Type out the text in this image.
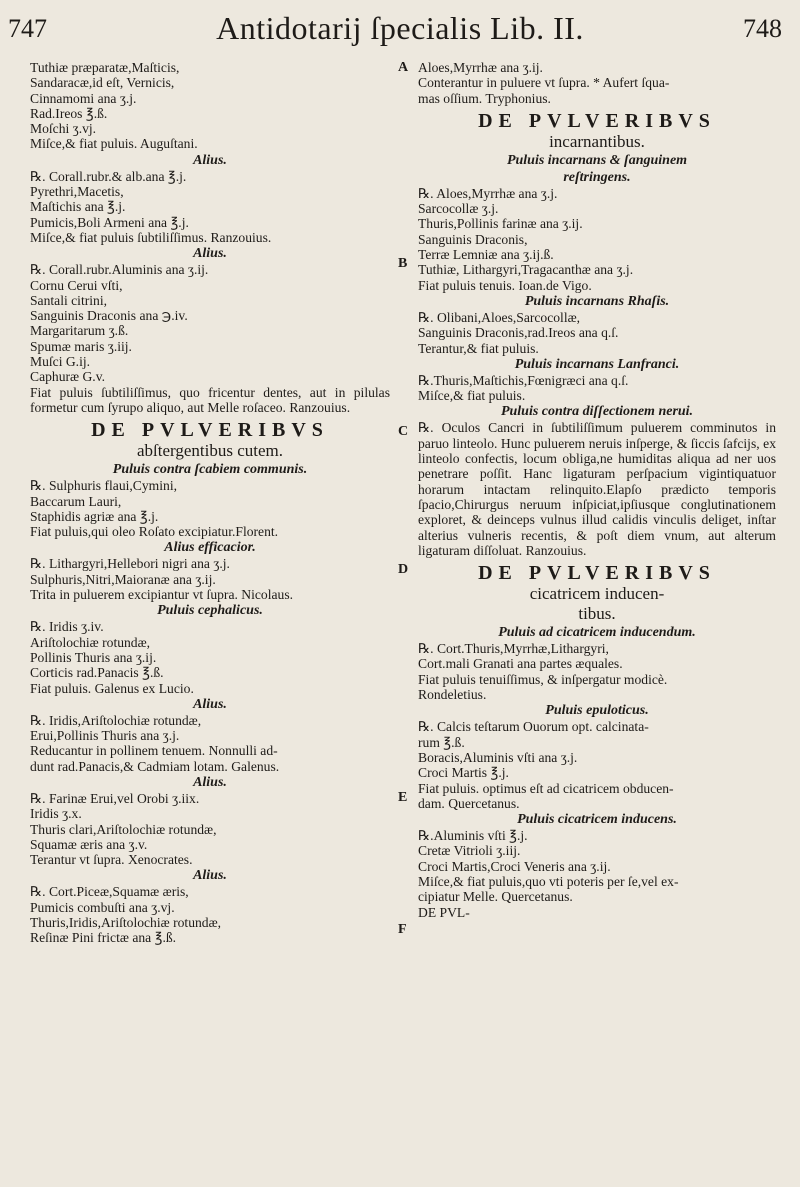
747	Antidotarij ſpecialis Lib. II.	748
Tuthiæ præparatæ,Maſticis,
Sandaracæ,id eſt, Vernicis,
Cinnamomi ana ʒ.j.
Rad.Ireos ℥.ß.
Moſchi ʒ.vj.
Miſce,& fiat puluis. Auguſtani.
Alius.
℞. Corall.rubr.& alb.ana ℥.j.
Pyrethri,Macetis,
Maſtichis ana ℥.j.
Pumicis,Boli Armeni ana ℥.j.
Miſce,& fiat puluis ſubtiliſſimus. Ranzouius.
Alius.
℞. Corall.rubr.Aluminis ana ʒ.ij.
Cornu Cerui vſti,
Santali citrini,
Sanguinis Draconis ana ℈.iv.
Margaritarum ʒ.ß.
Spumæ maris ʒ.iij.
Muſci G.ij.
Caphuræ G.v.
Fiat puluis ſubtiliſſimus, quo fricentur dentes, aut in pilulas formetur cum ſyrupo aliquo, aut Melle roſaceo. Ranzouius.
DE PVLVERIBVS
abſtergentibus cutem.
Puluis contra ſcabiem communis.
℞. Sulphuris flaui,Cymini,
Baccarum Lauri,
Staphidis agriæ ana ℥.j.
Fiat puluis,qui oleo Roſato excipiatur.Florent.
Alius efficacior.
℞. Lithargyri,Hellebori nigri ana ʒ.j.
Sulphuris,Nitri,Maioranæ ana ʒ.ij.
Trita in puluerem excipiantur vt ſupra. Nicolaus.
Puluis cephalicus.
℞. Iridis ʒ.iv.
Ariſtolochiæ rotundæ,
Pollinis Thuris ana ʒ.ij.
Corticis rad.Panacis ℥.ß.
Fiat puluis. Galenus ex Lucio.
Alius.
℞. Iridis,Ariſtolochiæ rotundæ,
Erui,Pollinis Thuris ana ʒ.j.
Reducantur in pollinem tenuem. Nonnulli ad-
dunt rad.Panacis,& Cadmiam lotam. Galenus.
Alius.
℞. Farinæ Erui,vel Orobi ʒ.iix.
Iridis ʒ.x.
Thuris clari,Ariſtolochiæ rotundæ,
Squamæ æris ana ʒ.v.
Terantur vt ſupra. Xenocrates.
Alius.
℞. Cort.Piceæ,Squamæ æris,
Pumicis combuſti ana ʒ.vj.
Thuris,Iridis,Ariſtolochiæ rotundæ,
Reſinæ Pini frictæ ana ℥.ß.
Aloes,Myrrhæ ana ʒ.ij.
Conterantur in puluere vt ſupra. * Aufert ſqua-
mas oſſium. Tryphonius.
DE PVLVERIBVS
incarnantibus.
Puluis incarnans & ſanguinem
reſtringens.
℞. Aloes,Myrrhæ ana ʒ.j.
Sarcocollæ ʒ.j.
Thuris,Pollinis farinæ ana ʒ.ij.
Sanguinis Draconis,
Terræ Lemniæ ana ʒ.ij.ß.
Tuthiæ, Lithargyri,Tragacanthæ ana ʒ.j.
Fiat puluis tenuis. Ioan.de Vigo.
Puluis incarnans Rhaſis.
℞. Olibani,Aloes,Sarcocollæ,
Sanguinis Draconis,rad.Ireos ana q.ſ.
Terantur,& fiat puluis.
Puluis incarnans Lanfranci.
℞.Thuris,Maſtichis,Fœnigræci ana q.ſ.
Miſce,& fiat puluis.
Puluis contra diſſectionem nerui.
℞. Oculos Cancri in ſubtiliſſimum puluerem comminutos in paruo linteolo. Hunc puluerem neruis inſperge, & ſiccis ſafcijs, ex linteolo confectis, locum obliga,ne humiditas aliqua ad ner uos penetrare poſſit. Hanc ligaturam perſpacium vigintiquatuor horarum intactam relinquito.Elapſo prædicto temporis ſpacio,Chirurgus neruum inſpiciat,ipſiusque conglutinationem exploret, & deinceps vulnus illud calidis vinculis deliget, inſtar alterius vulneris recentis, & poſt diem vnum, aut alterum ligaturam diſſoluat. Ranzouius.
DE PVLVERIBVS
cicatricem inducen-
tibus.
Puluis ad cicatricem inducendum.
℞. Cort.Thuris,Myrrhæ,Lithargyri,
Cort.mali Granati ana partes æquales.
Fiat puluis tenuiſſimus, & inſpergatur modicè.
Rondeletius.
Puluis epuloticus.
℞. Calcis teſtarum Ouorum opt. calcinata-
rum ℥.ß.
Boracis,Aluminis vſti ana ʒ.j.
Croci Martis ℥.j.
Fiat puluis. optimus eſt ad cicatricem obducen-
dam. Quercetanus.
Puluis cicatricem inducens.
℞.Aluminis vſti ℥.j.
Cretæ Vitrioli ʒ.iij.
Croci Martis,Croci Veneris ana ʒ.ij.
Miſce,& fiat puluis,quo vti poteris per ſe,vel ex-
cipiatur Melle. Quercetanus.
DE PVL-
A
B
C
D
E
F
